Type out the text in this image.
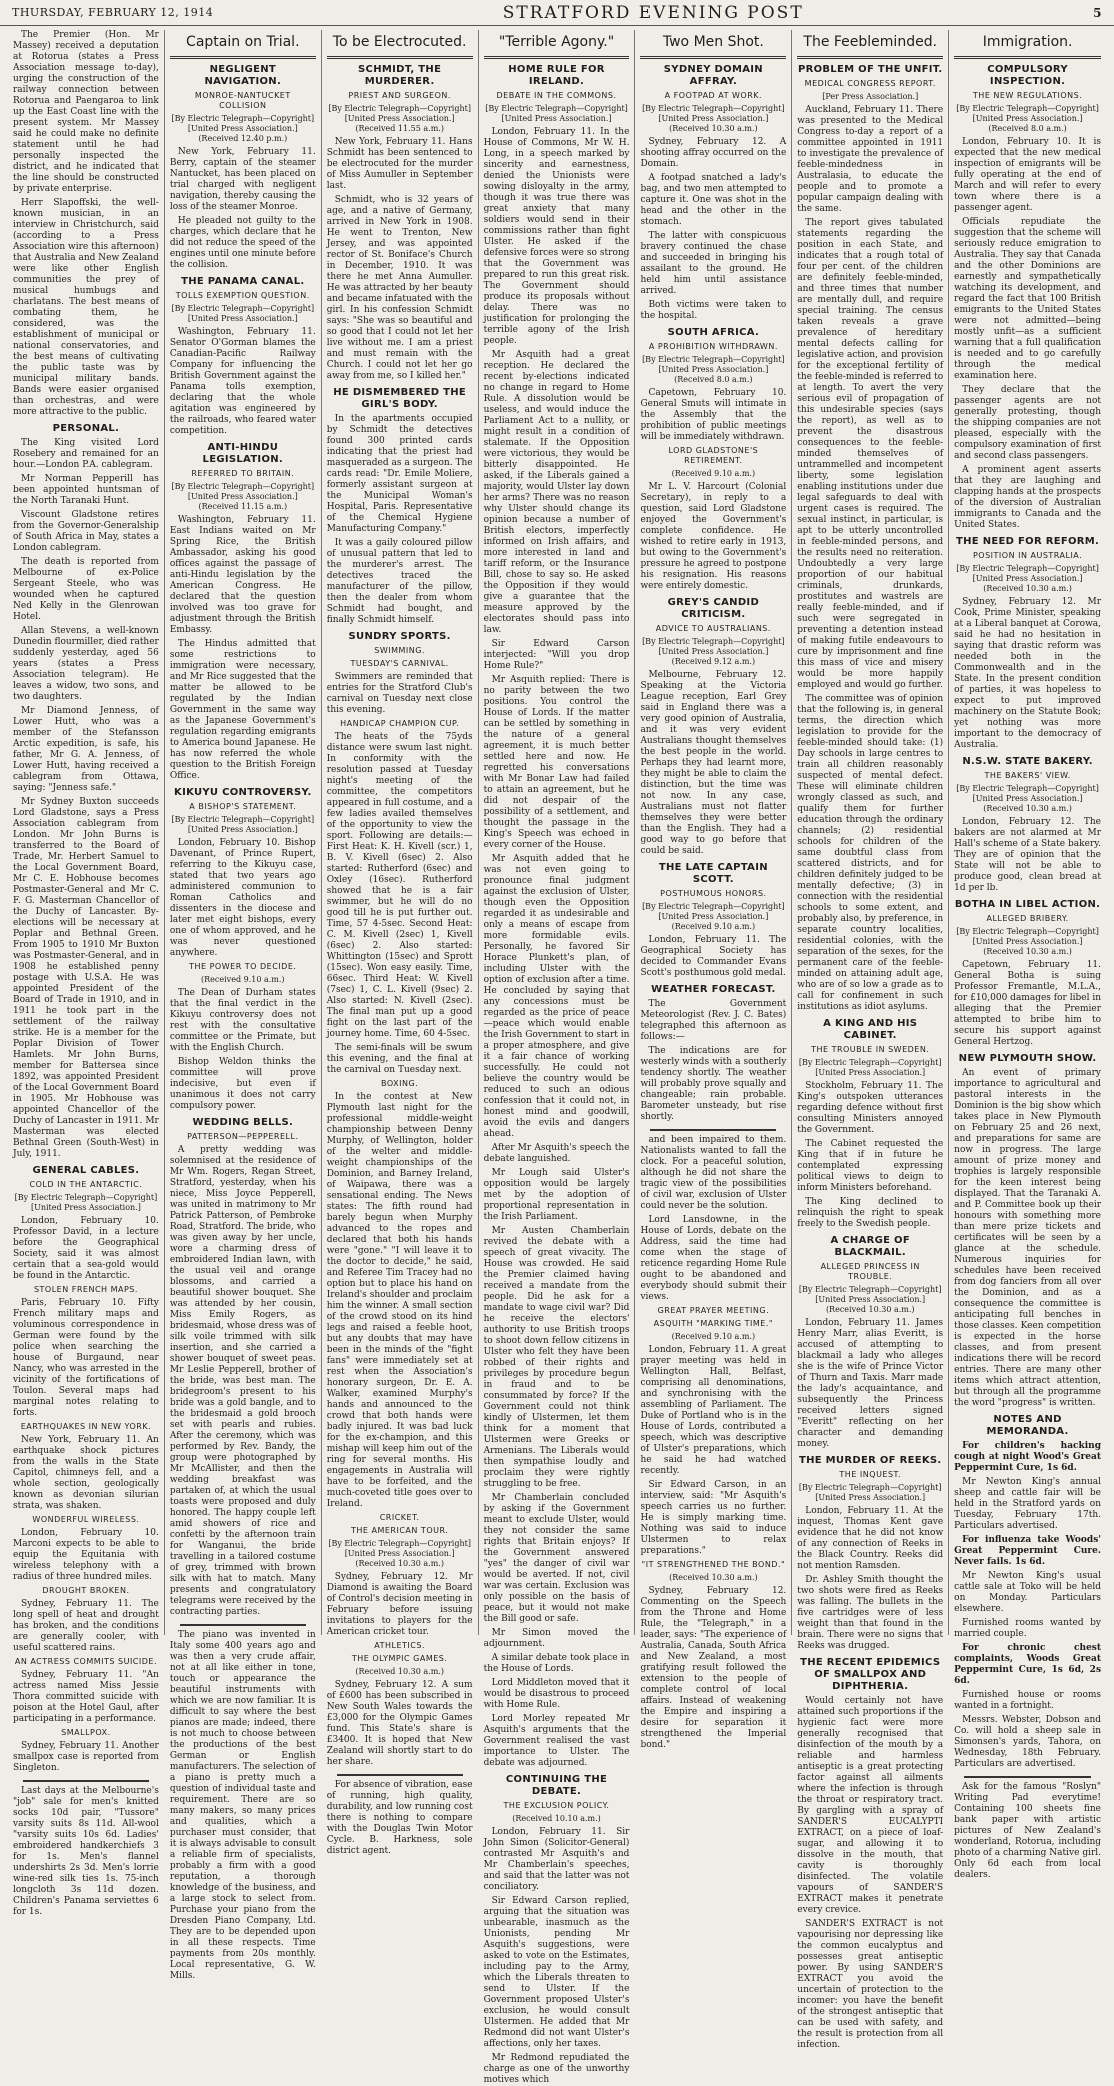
THURSDAY, FEBRUARY 12, 1914	STRATFORD EVENING POST	5

The Premier (Hon. Mr Massey) received a deputation at Rotorua (states a Press Association message to-day), urging the construction of the railway connection between Rotorua and Paengaroa to link up the East Coast line with the present system. Mr Massey said he could make no definite statement until he had personally inspected the district, and he indicated that the line should be constructed by private enterprise.

Herr Slapoffski, the well-known musician, in an interview in Christchurch, said (according to a Press Association wire this afternoon) that Australia and New Zealand were like other English communities the prey of musical humbugs and charlatans. The best means of combating them, he considered, was the establishment of municipal or national conservatories, and the best means of cultivating the public taste was by municipal military bands. Bands were easier organised than orchestras, and were more attractive to the public.

PERSONAL.

The King visited Lord Rosebery and remained for an hour.—London P.A. cablegram.

Mr Norman Pepperill has been appointed huntsman of the North Taranaki Hunt.

Viscount Gladstone retires from the Governor-Generalship of South Africa in May, states a London cablegram.

The death is reported from Melbourne of ex-Police Sergeant Steele, who was wounded when he captured Ned Kelly in the Glenrowan Hotel.

Allan Stevens, a well-known Dunedin flourmiller, died rather suddenly yesterday, aged 56 years (states a Press Association telegram). He leaves a widow, two sons, and two daughters.

Mr Diamond Jenness, of Lower Hutt, who was a member of the Stefansson Arctic expedition, is safe, his father, Mr G. A. Jenness, of Lower Hutt, having received a cablegram from Ottawa, saying: "Jenness safe."

Mr Sydney Buxton succeeds Lord Gladstone, says a Press Association cablegram from London. Mr John Burns is transferred to the Board of Trade, Mr. Herbert Samuel to the Local Government Board, Mr C. E. Hobhouse becomes Postmaster-General and Mr C. F. G. Masterman Chancellor of the Duchy of Lancaster. By-elections will be necessary at Poplar and Bethnal Green. From 1905 to 1910 Mr Buxton was Postmaster-General, and in 1908 he established penny postage with U.S.A. He was appointed President of the Board of Trade in 1910, and in 1911 he took part in the settlement of the railway strike. He is a member for the Poplar Division of Tower Hamlets. Mr John Burns, member for Battersea since 1892, was appointed President of the Local Government Board in 1905. Mr Hobhouse was appointed Chancellor of the Duchy of Lancaster in 1911. Mr Masterman was elected Bethnal Green (South-West) in July, 1911.

GENERAL CABLES.
COLD IN THE ANTARCTIC.
[By Electric Telegraph—Copyright] [United Press Association.]

London, February 10. Professor David, in a lecture before the Geographical Society, said it was almost certain that a sea-gold would be found in the Antarctic.

STOLEN FRENCH MAPS.

Paris, February 10. Fifty French military maps and voluminous correspondence in German were found by the police when searching the house of Burgaund, near Nancy, who was arrested in the vicinity of the fortifications of Toulon. Several maps had marginal notes relating to forts.

EARTHQUAKES IN NEW YORK.

New York, February 11. An earthquake shock pictures from the walls in the State Capitol, chimneys fell, and a whole section, geologically known as devonian silurian strata, was shaken.

WONDERFUL WIRELESS.

London, February 10. Marconi expects to be able to equip the Equitania with wireless telephony with a radius of three hundred miles.

DROUGHT BROKEN.

Sydney, February 11. The long spell of heat and drought has broken, and the conditions are generally cooler, with useful scattered rains.

AN ACTRESS COMMITS SUICIDE.

Sydney, February 11. "An actress named Miss Jessie Thora committed suicide with poison at the Hotel Gaul, after participating in a performance.

SMALLPOX.

Sydney, February 11. Another smallpox case is reported from Singleton.

Last days at the Melbourne's "job" sale for men's knitted socks 10d pair, "Tussore" varsity suits 8s 11d. All-wool "varsity suits 10s 6d. Ladies' embroidered handkerchiefs 3 for 1s. Men's flannel undershirts 2s 3d. Men's lorrie wine-red silk ties 1s. 75-inch longcloth 3s 11d dozen. Children's Panama serviettes 6 for 1s.

Captain on Trial.
NEGLIGENT NAVIGATION.
MONROE-NANTUCKET COLLISION
[By Electric Telegraph—Copyright] [United Press Association.] (Received 12.40 p.m.)

New York, February 11. Berry, captain of the steamer Nantucket, has been placed on trial charged with negligent navigation, thereby causing the loss of the steamer Monroe.

He pleaded not guilty to the charges, which declare that he did not reduce the speed of the engines until one minute before the collision.

THE PANAMA CANAL.
TOLLS EXEMPTION QUESTION.
[By Electric Telegraph—Copyright] [United Press Association.]

Washington, February 11. Senator O'Gorman blames the Canadian-Pacific Railway Company for influencing the British Government against the Panama tolls exemption, declaring that the whole agitation was engineered by the railroads, who feared water competition.

ANTI-HINDU LEGISLATION.
REFERRED TO BRITAIN.
[By Electric Telegraph—Copyright] [United Press Association.] (Received 11.15 a.m.)

Washington, February 11. East Indians waited on Mr Spring Rice, the British Ambassador, asking his good offices against the passage of anti-Hindu legislation by the American Congress. He declared that the question involved was too grave for adjustment through the British Embassy.

The Hindus admitted that some restrictions to immigration were necessary, and Mr Rice suggested that the matter be allowed to be regulated by the Indian Government in the same way as the Japanese Government's regulation regarding emigrants to America bound Japanese. He has now referred the whole question to the British Foreign Office.

KIKUYU CONTROVERSY.
A BISHOP'S STATEMENT.
[By Electric Telegraph—Copyright] [United Press Association.]

London, February 10. Bishop Davenant, of Prince Rupert, referring to the Kikuyu case, stated that two years ago administered communion to Roman Catholics and dissenters in the diocese and later met eight bishops, every one of whom approved, and he was never questioned anywhere.

THE POWER TO DECIDE.
(Received 9.10 a.m.)

The Dean of Durham states that the final verdict in the Kikuyu controversy does not rest with the consultative committee or the Primate, but with the English Church.

Bishop Weldon thinks the committee will prove indecisive, but even if unanimous it does not carry compulsory power.

WEDDING BELLS.
PATTERSON—PEPPERELL.

A pretty wedding was solemnised at the residence of Mr Wm. Rogers, Regan Street, Stratford, yesterday, when his niece, Miss Joyce Pepperell, was united in matrimony to Mr Patrick Patterson, of Pembroke Road, Stratford. The bride, who was given away by her uncle, wore a charming dress of embroidered Indian lawn, with the usual veil and orange blossoms, and carried a beautiful shower bouquet. She was attended by her cousin, Miss Emily Rogers, as bridesmaid, whose dress was of silk voile trimmed with silk insertion, and she carried a shower bouquet of sweet peas. Mr Leslie Pepperell, brother of the bride, was best man. The bridegroom's present to his bride was a gold bangle, and to the bridesmaid a gold brooch set with pearls and rubies. After the ceremony, which was performed by Rev. Bandy, the group were photographed by Mr McAllister, and then the wedding breakfast was partaken of, at which the usual toasts were proposed and duly honored. The happy couple left amid showers of rice and confetti by the afternoon train for Wanganui, the bride travelling in a tailored costume of grey, trimmed with brown silk with hat to match. Many presents and congratulatory telegrams were received by the contracting parties.

The piano was invented in Italy some 400 years ago and was then a very crude affair, not at all like either in tone, touch or appearance the beautiful instruments with which we are now familiar. It is difficult to say where the best pianos are made; indeed, there is not much to choose between the productions of the best German or English manufacturers. The selection of a piano is pretty much a question of individual taste and requirement. There are so many makers, so many prices and qualities, which a purchaser must consider, that it is always advisable to consult a reliable firm of specialists, probably a firm with a good reputation, a thorough knowledge of the business, and a large stock to select from. Purchase your piano from the Dresden Piano Company, Ltd. They are to be depended upon in all these respects. Time payments from 20s monthly. Local representative, G. W. Mills.

To be Electrocuted.
SCHMIDT, THE MURDERER.
PRIEST AND SURGEON.
[By Electric Telegraph—Copyright] [United Press Association.] (Received 11.55 a.m.)

New York, February 11. Hans Schmidt has been sentenced to be electrocuted for the murder of Miss Aumuller in September last.

Schmidt, who is 32 years of age, and a native of Germany, arrived in New York in 1908. He went to Trenton, New Jersey, and was appointed rector of St. Boniface's Church in December, 1910. It was there he met Anna Aumuller. He was attracted by her beauty and became infatuated with the girl. In his confession Schmidt says: "She was so beautiful and so good that I could not let her live without me. I am a priest and must remain with the Church. I could not let her go away from me, so I killed her."

HE DISMEMBERED THE GIRL'S BODY.

In the apartments occupied by Schmidt the detectives found 300 printed cards indicating that the priest had masqueraded as a surgeon. The cards read: "Dr. Emile Moliere, formerly assistant surgeon at the Municipal Woman's Hospital, Paris. Representative of the Chemical Hygiene Manufacturing Company."

It was a gaily coloured pillow of unusual pattern that led to the murderer's arrest. The detectives traced the manufacturer of the pillow, then the dealer from whom Schmidt had bought, and finally Schmidt himself.

SUNDRY SPORTS.
SWIMMING.
TUESDAY'S CARNIVAL.

Swimmers are reminded that entries for the Stratford Club's carnival on Tuesday next close this evening.

HANDICAP CHAMPION CUP.

The heats of the 75yds distance were swum last night. In conformity with the resolution passed at Tuesday night's meeting of the committee, the competitors appeared in full costume, and a few ladies availed themselves of the opportunity to view the sport. Following are details:—First Heat: K. H. Kivell (scr.) 1, B. V. Kivell (6sec) 2. Also started: Rutherford (6sec) and Oxley (16sec). Rutherford showed that he is a fair swimmer, but he will do no good till he is put further out. Time, 57 4-5sec. Second Heat: C. M. Kivell (2sec) 1, Kivell (6sec) 2. Also started: Whittington (15sec) and Sprott (15sec). Won easy easily. Time, 66sec. Third Heat: W. Kivell (7sec) 1, C. L. Kivell (9sec) 2. Also started: N. Kivell (2sec). The final man put up a good fight on the last part of the journey home. Time, 60 4-5sec.

The semi-finals will be swum this evening, and the final at the carnival on Tuesday next.

BOXING.

In the contest at New Plymouth last night for the professional middle-weight championship between Denny Murphy, of Wellington, holder of the welter and middle-weight championships of the Dominion, and Barney Ireland, of Waipawa, there was a sensational ending. The News states: The fifth round had barely begun when Murphy advanced to the ropes and declared that both his hands were "gone." "I will leave it to the doctor to decide," he said, and Referee Tim Tracey had no option but to place his hand on Ireland's shoulder and proclaim him the winner. A small section of the crowd stood on its hind legs and raised a feeble hoot, but any doubts that may have been in the minds of the "fight fans" were immediately set at rest when the Association's honorary surgeon, Dr. E. A. Walker, examined Murphy's hands and announced to the crowd that both hands were badly injured. It was bad luck for the ex-champion, and this mishap will keep him out of the ring for several months. His engagements in Australia will have to be forfeited, and the much-coveted title goes over to Ireland.

CRICKET.
THE AMERICAN TOUR.
[By Electric Telegraph—Copyright] [United Press Association.] (Received 10.30 a.m.)

Sydney, February 12. Mr Diamond is awaiting the Board of Control's decision meeting in February before issuing invitations to players for the American cricket tour.

ATHLETICS.
THE OLYMPIC GAMES.
(Received 10.30 a.m.)

Sydney, February 12. A sum of £600 has been subscribed in New South Wales towards the £3,000 for the Olympic Games fund. This State's share is £3400. It is hoped that New Zealand will shortly start to do her share.

For absence of vibration, ease of running, high quality, durability, and low running cost there is nothing to compare with the Douglas Twin Motor Cycle. B. Harkness, sole district agent.

"Terrible Agony."
HOME RULE FOR IRELAND.
DEBATE IN THE COMMONS.
[By Electric Telegraph—Copyright] [United Press Association.]

London, February 11. In the House of Commons, Mr W. H. Long, in a speech marked by sincerity and earnestness, denied the Unionists were sowing disloyalty in the army, though it was true there was great anxiety that many soldiers would send in their commissions rather than fight Ulster. He asked if the defensive forces were so strong that the Government was prepared to run this great risk. The Government should produce its proposals without delay. There was no justification for prolonging the terrible agony of the Irish people.

Mr Asquith had a great reception. He declared the recent by-elections indicated no change in regard to Home Rule. A dissolution would be useless, and would induce the Parliament Act to a nullity, or might result in a condition of stalemate. If the Opposition were victorious, they would be bitterly disappointed. He asked, if the Liberals gained a majority, would Ulster lay down her arms? There was no reason why Ulster should change its opinion because a number of British electors, imperfectly informed on Irish affairs, and more interested in land and tariff reform, or the Insurance Bill, chose to say so. He asked the Opposition if they would give a guarantee that the measure approved by the electorates should pass into law.

Sir Edward Carson interjected: "Will you drop Home Rule?"

Mr Asquith replied: There is no parity between the two positions. You control the House of Lords. If the matter can be settled by something in the nature of a general agreement, it is much better settled here and now. He regretted his conversations with Mr Bonar Law had failed to attain an agreement, but he did not despair of the possibility of a settlement, and thought the passage in the King's Speech was echoed in every corner of the House.

Mr Asquith added that he was not even going to pronounce final judgment against the exclusion of Ulster, though even the Opposition regarded it as undesirable and only a means of escape from more formidable evils. Personally, he favored Sir Horace Plunkett's plan, of including Ulster with the option of exclusion after a time. He concluded by saying that any concessions must be regarded as the price of peace—peace which would enable the Irish Government to start in a proper atmosphere, and give it a fair chance of working successfully. He could not believe the country would be reduced to such an odious confession that it could not, in honest mind and goodwill, avoid the evils and dangers ahead.

After Mr Asquith's speech the debate languished.

Mr Lough said Ulster's opposition would be largely met by the adoption of proportional representation in the Irish Parliament.

Mr Austen Chamberlain revived the debate with a speech of great vivacity. The House was crowded. He said the Premier claimed having received a mandate from the people. Did he ask for a mandate to wage civil war? Did he receive the electors' authority to use British troops to shoot down fellow citizens in Ulster who felt they have been robbed of their rights and privileges by procedure begun in fraud and to be consummated by force? If the Government could not think kindly of Ulstermen, let them think for a moment that Ulstermen were Greeks or Armenians. The Liberals would then sympathise loudly and proclaim they were rightly struggling to be free.

Mr Chamberlain concluded by asking if the Government meant to exclude Ulster, would they not consider the same rights that Britain enjoys? If the Government answered "yes" the danger of civil war would be averted. If not, civil war was certain. Exclusion was only possible on the basis of peace, but it would not make the Bill good or safe.

Mr Simon moved the adjournment.

A similar debate took place in the House of Lords.

Lord Middleton moved that it would be disastrous to proceed with Home Rule.

Lord Morley repeated Mr Asquith's arguments that the Government realised the vast importance to Ulster. The debate was adjourned.

CONTINUING THE DEBATE.
THE EXCLUSION POLICY.
(Received 10.10 a.m.)

London, February 11. Sir John Simon (Solicitor-General) contrasted Mr Asquith's and Mr Chamberlain's speeches, and said that the latter was not conciliatory.

Sir Edward Carson replied, arguing that the situation was unbearable, inasmuch as the Unionists, pending Mr Asquith's suggestions, were asked to vote on the Estimates, including pay to the Army, which the Liberals threaten to send to Ulster. If the Government proposed Ulster's exclusion, he would consult Ulstermen. He added that Mr Redmond did not want Ulster's affections, only her taxes.

Mr Redmond repudiated the charge as one of the unworthy motives which

Two Men Shot.
SYDNEY DOMAIN AFFRAY.
A FOOTPAD AT WORK.
[By Electric Telegraph—Copyright] [United Press Association.] (Received 10.30 a.m.)

Sydney, February 12. A shooting affray occurred on the Domain.

A footpad snatched a lady's bag, and two men attempted to capture it. One was shot in the head and the other in the stomach.

The latter with conspicuous bravery continued the chase and succeeded in bringing his assailant to the ground. He held him until assistance arrived.

Both victims were taken to the hospital.

SOUTH AFRICA.
A PROHIBITION WITHDRAWN.
[By Electric Telegraph—Copyright] [United Press Association.] (Received 8.0 a.m.)

Capetown, February 10. General Smuts will intimate in the Assembly that the prohibition of public meetings will be immediately withdrawn.

LORD GLADSTONE'S RETIREMENT.
(Received 9.10 a.m.)

Mr L. V. Harcourt (Colonial Secretary), in reply to a question, said Lord Gladstone enjoyed the Government's complete confidence. He wished to retire early in 1913, but owing to the Government's pressure he agreed to postpone his resignation. His reasons were entirely domestic.

GREY'S CANDID CRITICISM.
ADVICE TO AUSTRALIANS.
[By Electric Telegraph—Copyright] [United Press Association.] (Received 9.12 a.m.)

Melbourne, February 12. Speaking at the Victoria League reception, Earl Grey said in England there was a very good opinion of Australia, and it was very evident Australians thought themselves the best people in the world. Perhaps they had learnt more, they might be able to claim the distinction, but the time was not now. In any case, Australians must not flatter themselves they were better than the English. They had a good way to go before that could be said.

THE LATE CAPTAIN SCOTT.
POSTHUMOUS HONORS.
[By Electric Telegraph—Copyright] [United Press Association.] (Received 9.10 a.m.)

London, February 11. The Geographical Society has decided to Commander Evans Scott's posthumous gold medal.

WEATHER FORECAST.

The Government Meteorologist (Rev. J. C. Bates) telegraphed this afternoon as follows:—

The indications are for westerly winds with a southerly tendency shortly. The weather will probably prove squally and changeable; rain probable. Barometer unsteady, but rise shortly.

and been impaired to them. Nationalists wanted to fall the clock. For a peaceful solution, although he did not share the tragic view of the possibilities of civil war, exclusion of Ulster could never be the solution.

Lord Lansdowne, in the House of Lords, debate on the Address, said the time had come when the stage of reticence regarding Home Rule ought to be abandoned and everybody should submit their views.

GREAT PRAYER MEETING.
ASQUITH "MARKING TIME."
(Received 9.10 a.m.)

London, February 11. A great prayer meeting was held in Wellington Hall, Belfast, comprising all denominations, and synchronising with the assembling of Parliament. The Duke of Portland who is in the House of Lords, contributed a speech, which was descriptive of Ulster's preparations, which he said he had watched recently.

Sir Edward Carson, in an interview, said: "Mr Asquith's speech carries us no further. He is simply marking time. Nothing was said to induce Ulstermen to relax preparations."

"IT STRENGTHENED THE BOND."
(Received 10.30 a.m.)

Sydney, February 12. Commenting on the Speech from the Throne and Home Rule, the "Telegraph," in a leader, says: "The experience of Australia, Canada, South Africa and New Zealand, a most gratifying result followed the extension to the people of complete control of local affairs. Instead of weakening the Empire and inspiring a desire for separation it strengthened the Imperial bond."

The Feebleminded.
PROBLEM OF THE UNFIT.
MEDICAL CONGRESS REPORT.
[Per Press Association.]

Auckland, February 11. There was presented to the Medical Congress to-day a report of a committee appointed in 1911 to investigate the prevalence of feeble-mindedness in Australasia, to educate the people and to promote a popular campaign dealing with the same.

The report gives tabulated statements regarding the position in each State, and indicates that a rough total of four per cent. of the children are definitely feeble-minded, and three times that number are mentally dull, and require special training. The census taken reveals a grave prevalence of hereditary mental defects calling for legislative action, and provision for the exceptional fertility of the feeble-minded is referred to at length. To avert the very serious evil of propagation of this undesirable species (says the report), as well as to prevent the disastrous consequences to the feeble-minded themselves of untrammelled and incompetent liberty, some legislation enabling institutions under due legal safeguards to deal with urgent cases is required. The sexual instinct, in particular, is apt to be utterly uncontrolled in feeble-minded persons, and the results need no reiteration. Undoubtedly a very large proportion of our habitual criminals, drunkards, prostitutes and wastrels are really feeble-minded, and if such were segregated in preventing a detention instead of making futile endeavours to cure by imprisonment and fine this mass of vice and misery would be more happily employed and would go further.

The committee was of opinion that the following is, in general terms, the direction which legislation to provide for the feeble-minded should take: (1) Day schools in large centres to train all children reasonably suspected of mental defect. These will eliminate children wrongly classed as such, and qualify them for further education through the ordinary channels; (2) residential schools for children of the same doubtful class from scattered districts, and for children definitely judged to be mentally defective; (3) in connection with the residential schools to some extent, and probably also, by preference, in separate country localities, residential colonies, with the separation of the sexes, for the permanent care of the feeble-minded on attaining adult age, who are of so low a grade as to call for confinement in such institutions as idiot asylums.

A KING AND HIS CABINET.
THE TROUBLE IN SWEDEN.
[By Electric Telegraph—Copyright] [United Press Association.]

Stockholm, February 11. The King's outspoken utterances regarding defence without first consulting Ministers annoyed the Government.

The Cabinet requested the King that if in future he contemplated expressing political views to deign to inform Ministers beforehand.

The King declined to relinquish the right to speak freely to the Swedish people.

A CHARGE OF BLACKMAIL.
ALLEGED PRINCESS IN TROUBLE.
[By Electric Telegraph—Copyright] [United Press Association.] (Received 10.30 a.m.)

London, February 11. James Henry Marr, alias Everitt, is accused of attempting to blackmail a lady who alleges she is the wife of Prince Victor of Thurn and Taxis. Marr made the lady's acquaintance, and subsequently the Princess received letters signed "Everitt" reflecting on her character and demanding money.

THE MURDER OF REEKS.
THE INQUEST.
[By Electric Telegraph—Copyright] [United Press Association.]

London, February 11. At the inquest, Thomas Kent gave evidence that he did not know of any connection of Reeks in the Black Country. Reeks did not mention Ramsden.

Dr. Ashley Smith thought the two shots were fired as Reeks was falling. The bullets in the five cartridges were of less weight than that found in the brain. There were no signs that Reeks was drugged.

THE RECENT EPIDEMICS OF SMALLPOX AND DIPHTHERIA.

Would certainly not have attained such proportions if the hygienic fact were more generally recognised that disinfection of the mouth by a reliable and harmless antiseptic is a great protecting factor against all ailments where the infection is through the throat or respiratory tract. By gargling with a spray of SANDER'S EUCALYPTI EXTRACT, on a piece of loaf-sugar, and allowing it to dissolve in the mouth, that cavity is thoroughly disinfected. The volatile vapours of SANDER'S EXTRACT makes it penetrate every crevice.

SANDER'S EXTRACT is not vapourising nor depressing like the common eucalyptus and possesses great antiseptic power. By using SANDER'S EXTRACT you avoid the uncertain of protection to the incomer: you have the benefit of the strongest antiseptic that can be used with safety, and the result is protection from all infection.

Immigration.
COMPULSORY INSPECTION.
THE NEW REGULATIONS.
[By Electric Telegraph—Copyright] [United Press Association.] (Received 8.0 a.m.)

London, February 10. It is expected that the new medical inspection of emigrants will be fully operating at the end of March and will refer to every town where there is a passenger agent.

Officials repudiate the suggestion that the scheme will seriously reduce emigration to Australia. They say that Canada and the other Dominions are earnestly and sympathetically watching its development, and regard the fact that 100 British emigrants to the United States were not admitted—being mostly unfit—as a sufficient warning that a full qualification is needed and to go carefully through the medical examination here.

They declare that the passenger agents are not generally protesting, though the shipping companies are not pleased, especially with the compulsory examination of first and second class passengers.

A prominent agent asserts that they are laughing and clapping hands at the prospects of the diversion of Australian immigrants to Canada and the United States.

THE NEED FOR REFORM.
POSITION IN AUSTRALIA.
[By Electric Telegraph—Copyright] [United Press Association.] (Received 10.30 a.m.)

Sydney, February 12. Mr Cook, Prime Minister, speaking at a Liberal banquet at Corowa, said he had no hesitation in saying that drastic reform was needed both in the Commonwealth and in the State. In the present condition of parties, it was hopeless to expect to put improved machinery on the Statute Book; yet nothing was more important to the democracy of Australia.

N.S.W. STATE BAKERY.
THE BAKERS' VIEW.
[By Electric Telegraph—Copyright] [United Press Association.] (Received 10.30 a.m.)

London, February 12. The bakers are not alarmed at Mr Hall's scheme of a State bakery. They are of opinion that the State will not be able to produce good, clean bread at 1d per lb.

BOTHA IN LIBEL ACTION.
ALLEGED BRIBERY.
[By Electric Telegraph—Copyright] [United Press Association.] (Received 10.30 a.m.)

Capetown, February 11. General Botha is suing Professor Fremantle, M.L.A., for £10,000 damages for libel in alleging that the Premier attempted to bribe him to secure his support against General Hertzog.

NEW PLYMOUTH SHOW.

An event of primary importance to agricultural and pastoral interests in the Dominion is the big show which takes place in New Plymouth on February 25 and 26 next, and preparations for same are now in progress. The large amount of prize money and trophies is largely responsible for the keen interest being displayed. That the Taranaki A. and P. Committee book up their honours with something more than mere prize tickets and certificates will be seen by a glance at the schedule. Numerous inquiries for schedules have been received from dog fanciers from all over the Dominion, and as a consequence the committee is anticipating full benches in those classes. Keen competition is expected in the horse classes, and from present indications there will be record entries. There are many other items which attract attention, but through all the programme the word "progress" is written.

NOTES AND MEMORANDA.

For children's hacking cough at night Wood's Great Peppermint Cure, 1s 6d.

Mr Newton King's annual sheep and cattle fair will be held in the Stratford yards on Tuesday, February 17th. Particulars advertised.

For influenza take Woods' Great Peppermint Cure. Never fails. 1s 6d.

Mr Newton King's usual cattle sale at Toko will be held on Monday. Particulars elsewhere.

Furnished rooms wanted by married couple.

For chronic chest complaints, Woods Great Peppermint Cure, 1s 6d, 2s 6d.

Furnished house or rooms wanted in a fortnight.

Messrs. Webster, Dobson and Co. will hold a sheep sale in Simonsen's yards, Tahora, on Wednesday, 18th February. Particulars are advertised.

Ask for the famous "Roslyn" Writing Pad everytime! Containing 100 sheets fine bank paper with artistic pictures of New Zealand's wonderland, Rotorua, including photo of a charming Native girl. Only 6d each from local dealers.
